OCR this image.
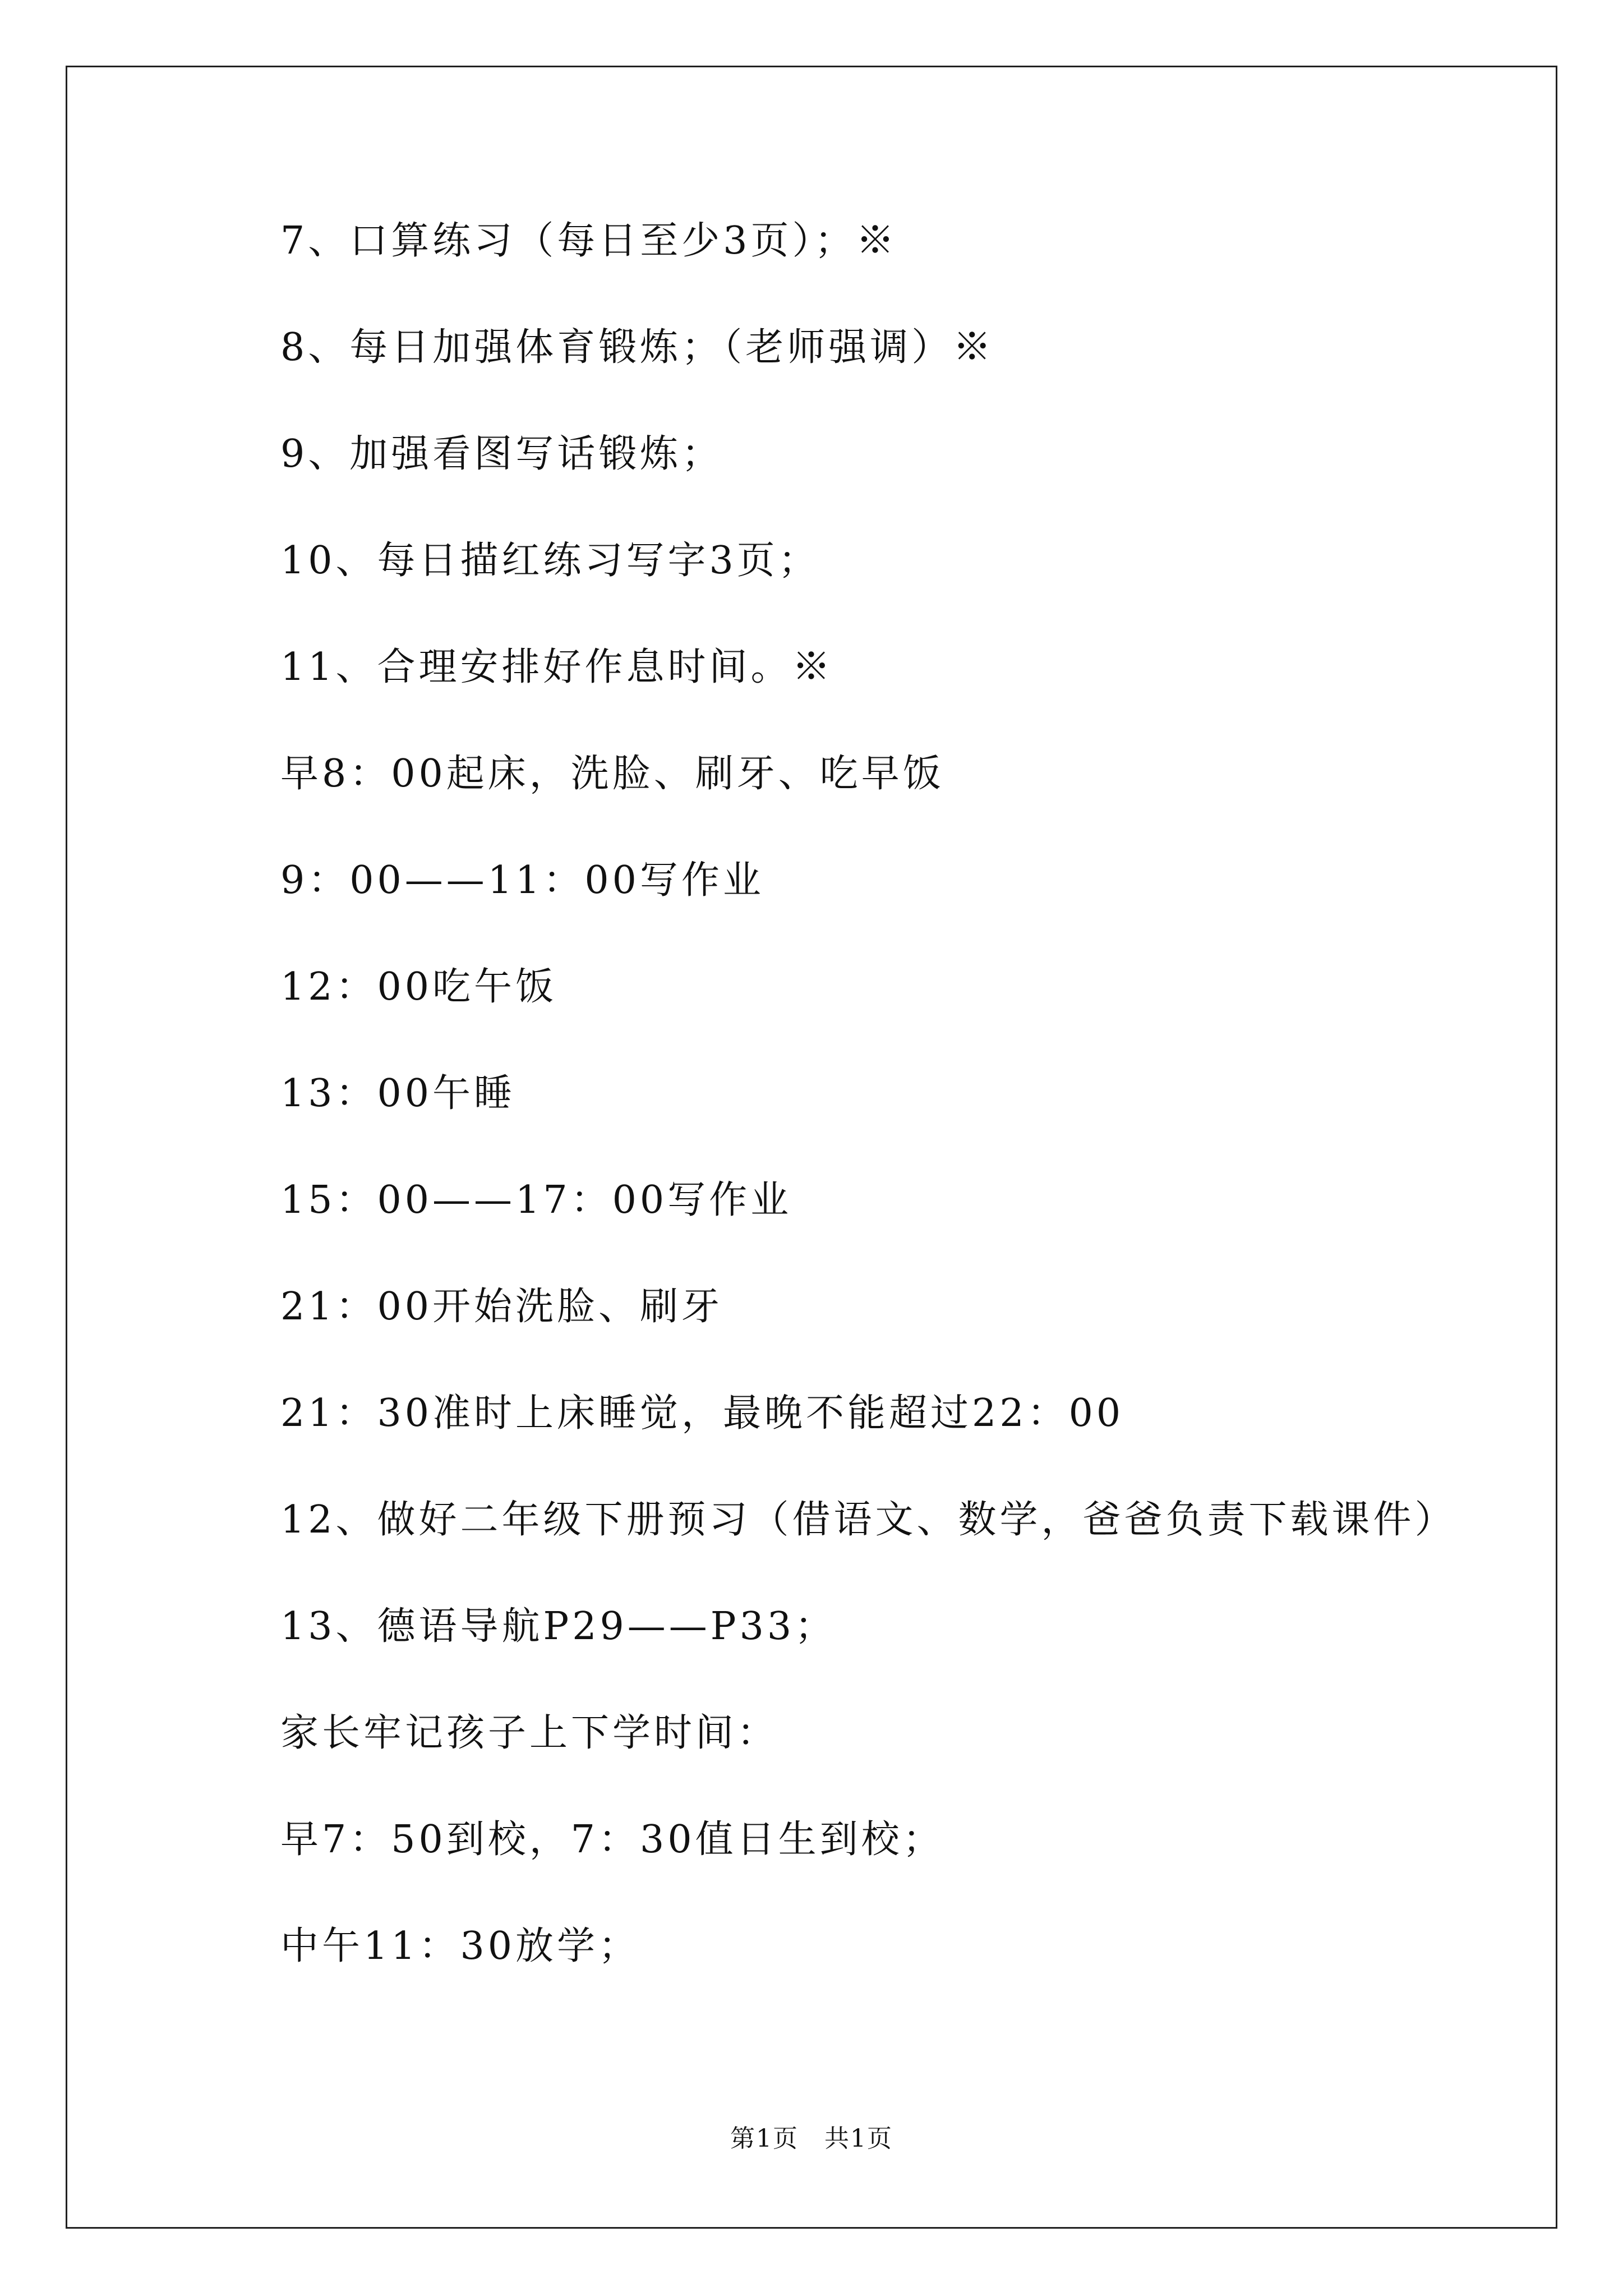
7、口算练习（每日至少3页）；※
8、每日加强体育锻炼；（老师强调）※
9、加强看图写话锻炼；
10、每日描红练习写字3页；
11、合理安排好作息时间。※
早8：00起床，洗脸、刷牙、吃早饭
9：00——11：00写作业
12：00吃午饭
13：00午睡
15：00——17：00写作业
21：00开始洗脸、刷牙
21：30准时上床睡觉，最晚不能超过22：00
12、做好二年级下册预习（借语文、数学，爸爸负责下载课件）
13、德语导航P29——P33；
家长牢记孩子上下学时间：
早7：50到校，7：30值日生到校；
中午11：30放学；
第1页　共1页
